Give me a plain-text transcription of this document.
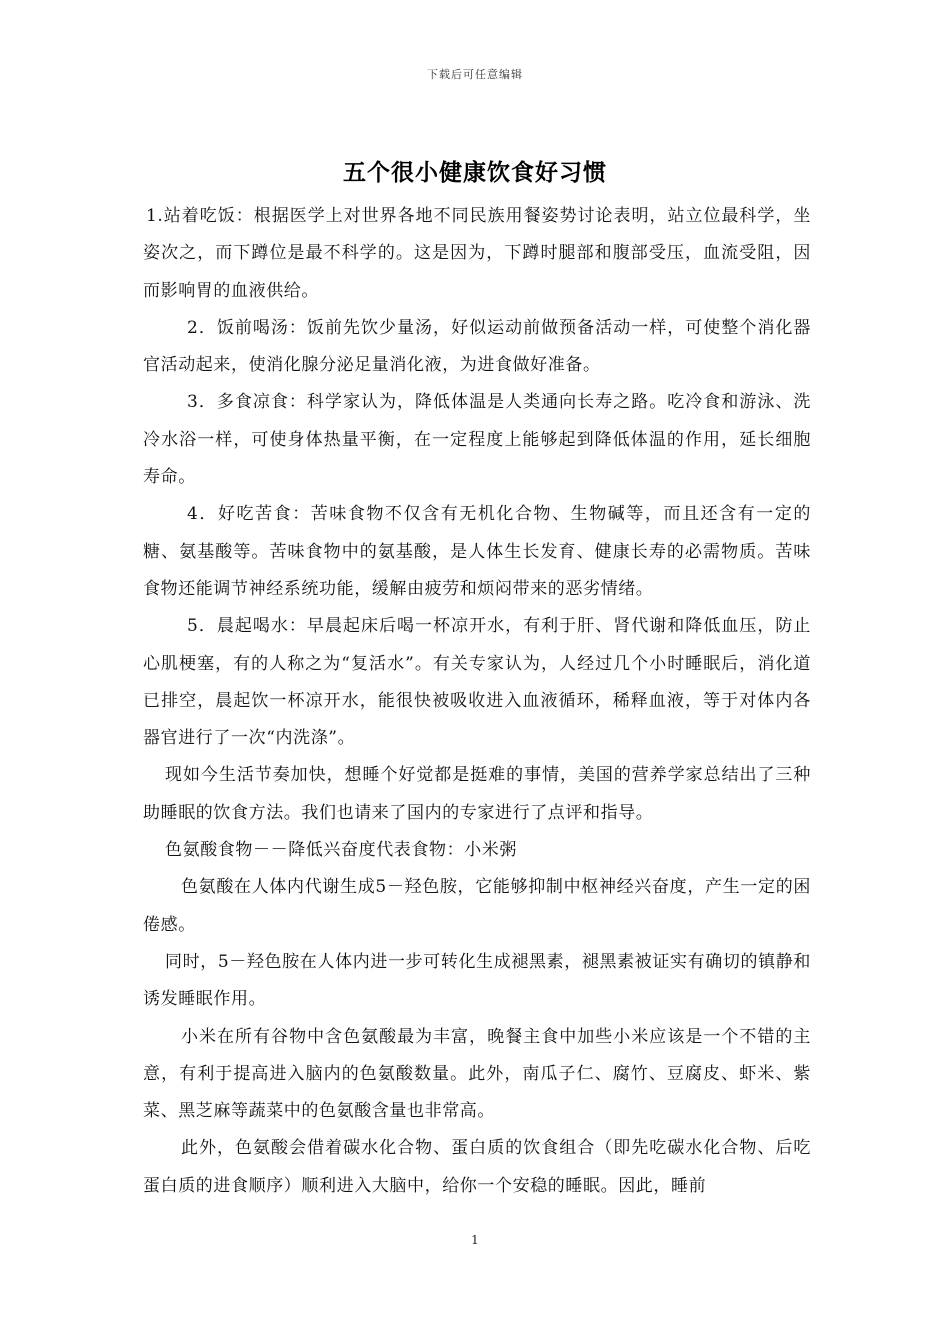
下载后可任意编辑
五个很小健康饮食好习惯

1.站着吃饭：根据医学上对世界各地不同民族用餐姿势讨论表明，站立位最科学，坐姿次之，而下蹲位是最不科学的。这是因为，下蹲时腿部和腹部受压，血流受阻，因而影响胃的血液供给。

2．饭前喝汤：饭前先饮少量汤，好似运动前做预备活动一样，可使整个消化器官活动起来，使消化腺分泌足量消化液，为进食做好准备。

3．多食凉食：科学家认为，降低体温是人类通向长寿之路。吃冷食和游泳、洗冷水浴一样，可使身体热量平衡，在一定程度上能够起到降低体温的作用，延长细胞寿命。

4．好吃苦食：苦味食物不仅含有无机化合物、生物碱等，而且还含有一定的糖、氨基酸等。苦味食物中的氨基酸，是人体生长发育、健康长寿的必需物质。苦味食物还能调节神经系统功能，缓解由疲劳和烦闷带来的恶劣情绪。

5．晨起喝水：早晨起床后喝一杯凉开水，有利于肝、肾代谢和降低血压，防止心肌梗塞，有的人称之为“复活水”。有关专家认为，人经过几个小时睡眠后，消化道已排空，晨起饮一杯凉开水，能很快被吸收进入血液循环，稀释血液，等于对体内各器官进行了一次“内洗涤”。

现如今生活节奏加快，想睡个好觉都是挺难的事情，美国的营养学家总结出了三种助睡眠的饮食方法。我们也请来了国内的专家进行了点评和指导。

色氨酸食物－－降低兴奋度代表食物：小米粥

色氨酸在人体内代谢生成5－羟色胺，它能够抑制中枢神经兴奋度，产生一定的困倦感。

同时，5－羟色胺在人体内进一步可转化生成褪黑素，褪黑素被证实有确切的镇静和诱发睡眠作用。

小米在所有谷物中含色氨酸最为丰富，晚餐主食中加些小米应该是一个不错的主意，有利于提高进入脑内的色氨酸数量。此外，南瓜子仁、腐竹、豆腐皮、虾米、紫菜、黑芝麻等蔬菜中的色氨酸含量也非常高。

此外，色氨酸会借着碳水化合物、蛋白质的饮食组合（即先吃碳水化合物、后吃蛋白质的进食顺序）顺利进入大脑中，给你一个安稳的睡眠。因此，睡前

1
